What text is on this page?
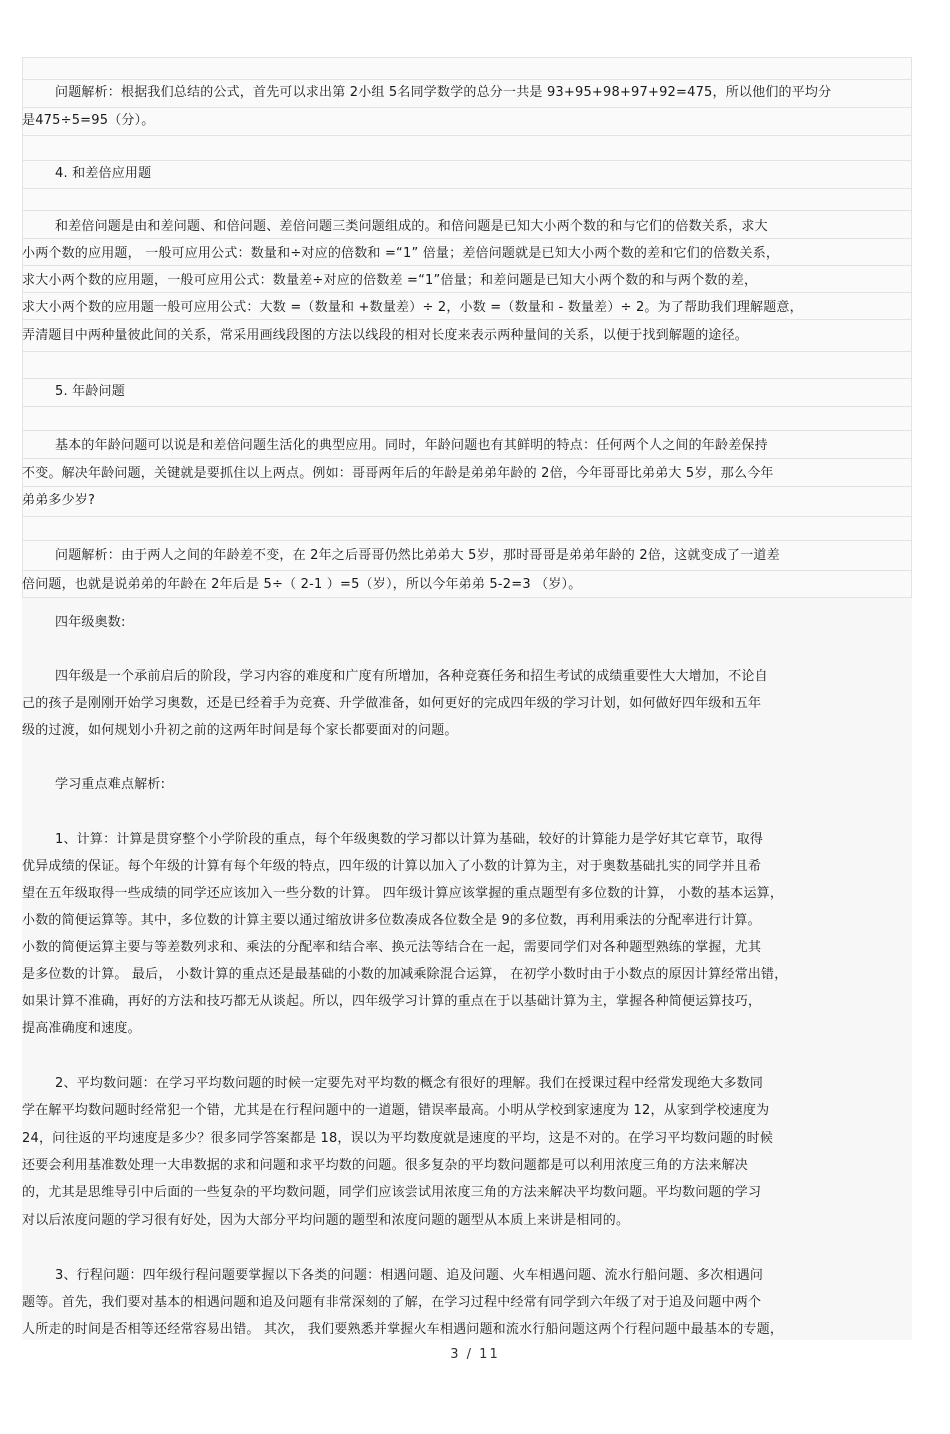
问题解析：根据我们总结的公式，首先可以求出第 2小组 5名同学数学的总分一共是 93+95+98+97+92=475，所以他们的平均分
是475÷5=95（分）。
4. 和差倍应用题
和差倍问题是由和差问题、和倍问题、差倍问题三类问题组成的。和倍问题是已知大小两个数的和与它们的倍数关系，求大
小两个数的应用题， 一般可应用公式：数量和÷对应的倍数和 =“1” 倍量；差倍问题就是已知大小两个数的差和它们的倍数关系，
求大小两个数的应用题，一般可应用公式：数量差÷对应的倍数差 =“1”倍量；和差问题是已知大小两个数的和与两个数的差，
求大小两个数的应用题一般可应用公式：大数 =（数量和 +数量差）÷ 2，小数 =（数量和 - 数量差）÷ 2。为了帮助我们理解题意，
弄清题目中两种量彼此间的关系，常采用画线段图的方法以线段的相对长度来表示两种量间的关系，以便于找到解题的途径。
5. 年龄问题
基本的年龄问题可以说是和差倍问题生活化的典型应用。同时，年龄问题也有其鲜明的特点：任何两个人之间的年龄差保持
不变。解决年龄问题，关键就是要抓住以上两点。例如：哥哥两年后的年龄是弟弟年龄的 2倍，今年哥哥比弟弟大 5岁，那么今年
弟弟多少岁?
问题解析：由于两人之间的年龄差不变，在 2年之后哥哥仍然比弟弟大 5岁，那时哥哥是弟弟年龄的 2倍，这就变成了一道差
倍问题，也就是说弟弟的年龄在 2年后是 5÷（ 2-1 ）=5（岁），所以今年弟弟 5-2=3 （岁）。
四年级奥数:
四年级是一个承前启后的阶段，学习内容的难度和广度有所增加，各种竞赛任务和招生考试的成绩重要性大大增加，不论自
己的孩子是刚刚开始学习奥数，还是已经着手为竞赛、升学做准备，如何更好的完成四年级的学习计划，如何做好四年级和五年
级的过渡，如何规划小升初之前的这两年时间是每个家长都要面对的问题。
学习重点难点解析:
1、计算：计算是贯穿整个小学阶段的重点，每个年级奥数的学习都以计算为基础，较好的计算能力是学好其它章节，取得
优异成绩的保证。每个年级的计算有每个年级的特点，四年级的计算以加入了小数的计算为主，对于奥数基础扎实的同学并且希
望在五年级取得一些成绩的同学还应该加入一些分数的计算。 四年级计算应该掌握的重点题型有多位数的计算， 小数的基本运算，
小数的简便运算等。其中，多位数的计算主要以通过缩放讲多位数凑成各位数全是 9的多位数，再利用乘法的分配率进行计算。
小数的简便运算主要与等差数列求和、乘法的分配率和结合率、换元法等结合在一起，需要同学们对各种题型熟练的掌握，尤其
是多位数的计算。 最后， 小数计算的重点还是最基础的小数的加减乘除混合运算， 在初学小数时由于小数点的原因计算经常出错，
如果计算不准确，再好的方法和技巧都无从谈起。所以，四年级学习计算的重点在于以基础计算为主，掌握各种简便运算技巧，
提高准确度和速度。
2、平均数问题：在学习平均数问题的时候一定要先对平均数的概念有很好的理解。我们在授课过程中经常发现绝大多数同
学在解平均数问题时经常犯一个错，尤其是在行程问题中的一道题，错误率最高。小明从学校到家速度为 12，从家到学校速度为
24，问往返的平均速度是多少？很多同学答案都是 18，误以为平均数度就是速度的平均，这是不对的。在学习平均数问题的时候
还要会利用基准数处理一大串数据的求和问题和求平均数的问题。很多复杂的平均数问题都是可以利用浓度三角的方法来解决
的，尤其是思维导引中后面的一些复杂的平均数问题，同学们应该尝试用浓度三角的方法来解决平均数问题。平均数问题的学习
对以后浓度问题的学习很有好处，因为大部分平均问题的题型和浓度问题的题型从本质上来讲是相同的。
3、行程问题：四年级行程问题要掌握以下各类的问题：相遇问题、追及问题、火车相遇问题、流水行船问题、多次相遇问
题等。首先，我们要对基本的相遇问题和追及问题有非常深刻的了解，在学习过程中经常有同学到六年级了对于追及问题中两个
人所走的时间是否相等还经常容易出错。 其次， 我们要熟悉并掌握火车相遇问题和流水行船问题这两个行程问题中最基本的专题，
3 / 11
